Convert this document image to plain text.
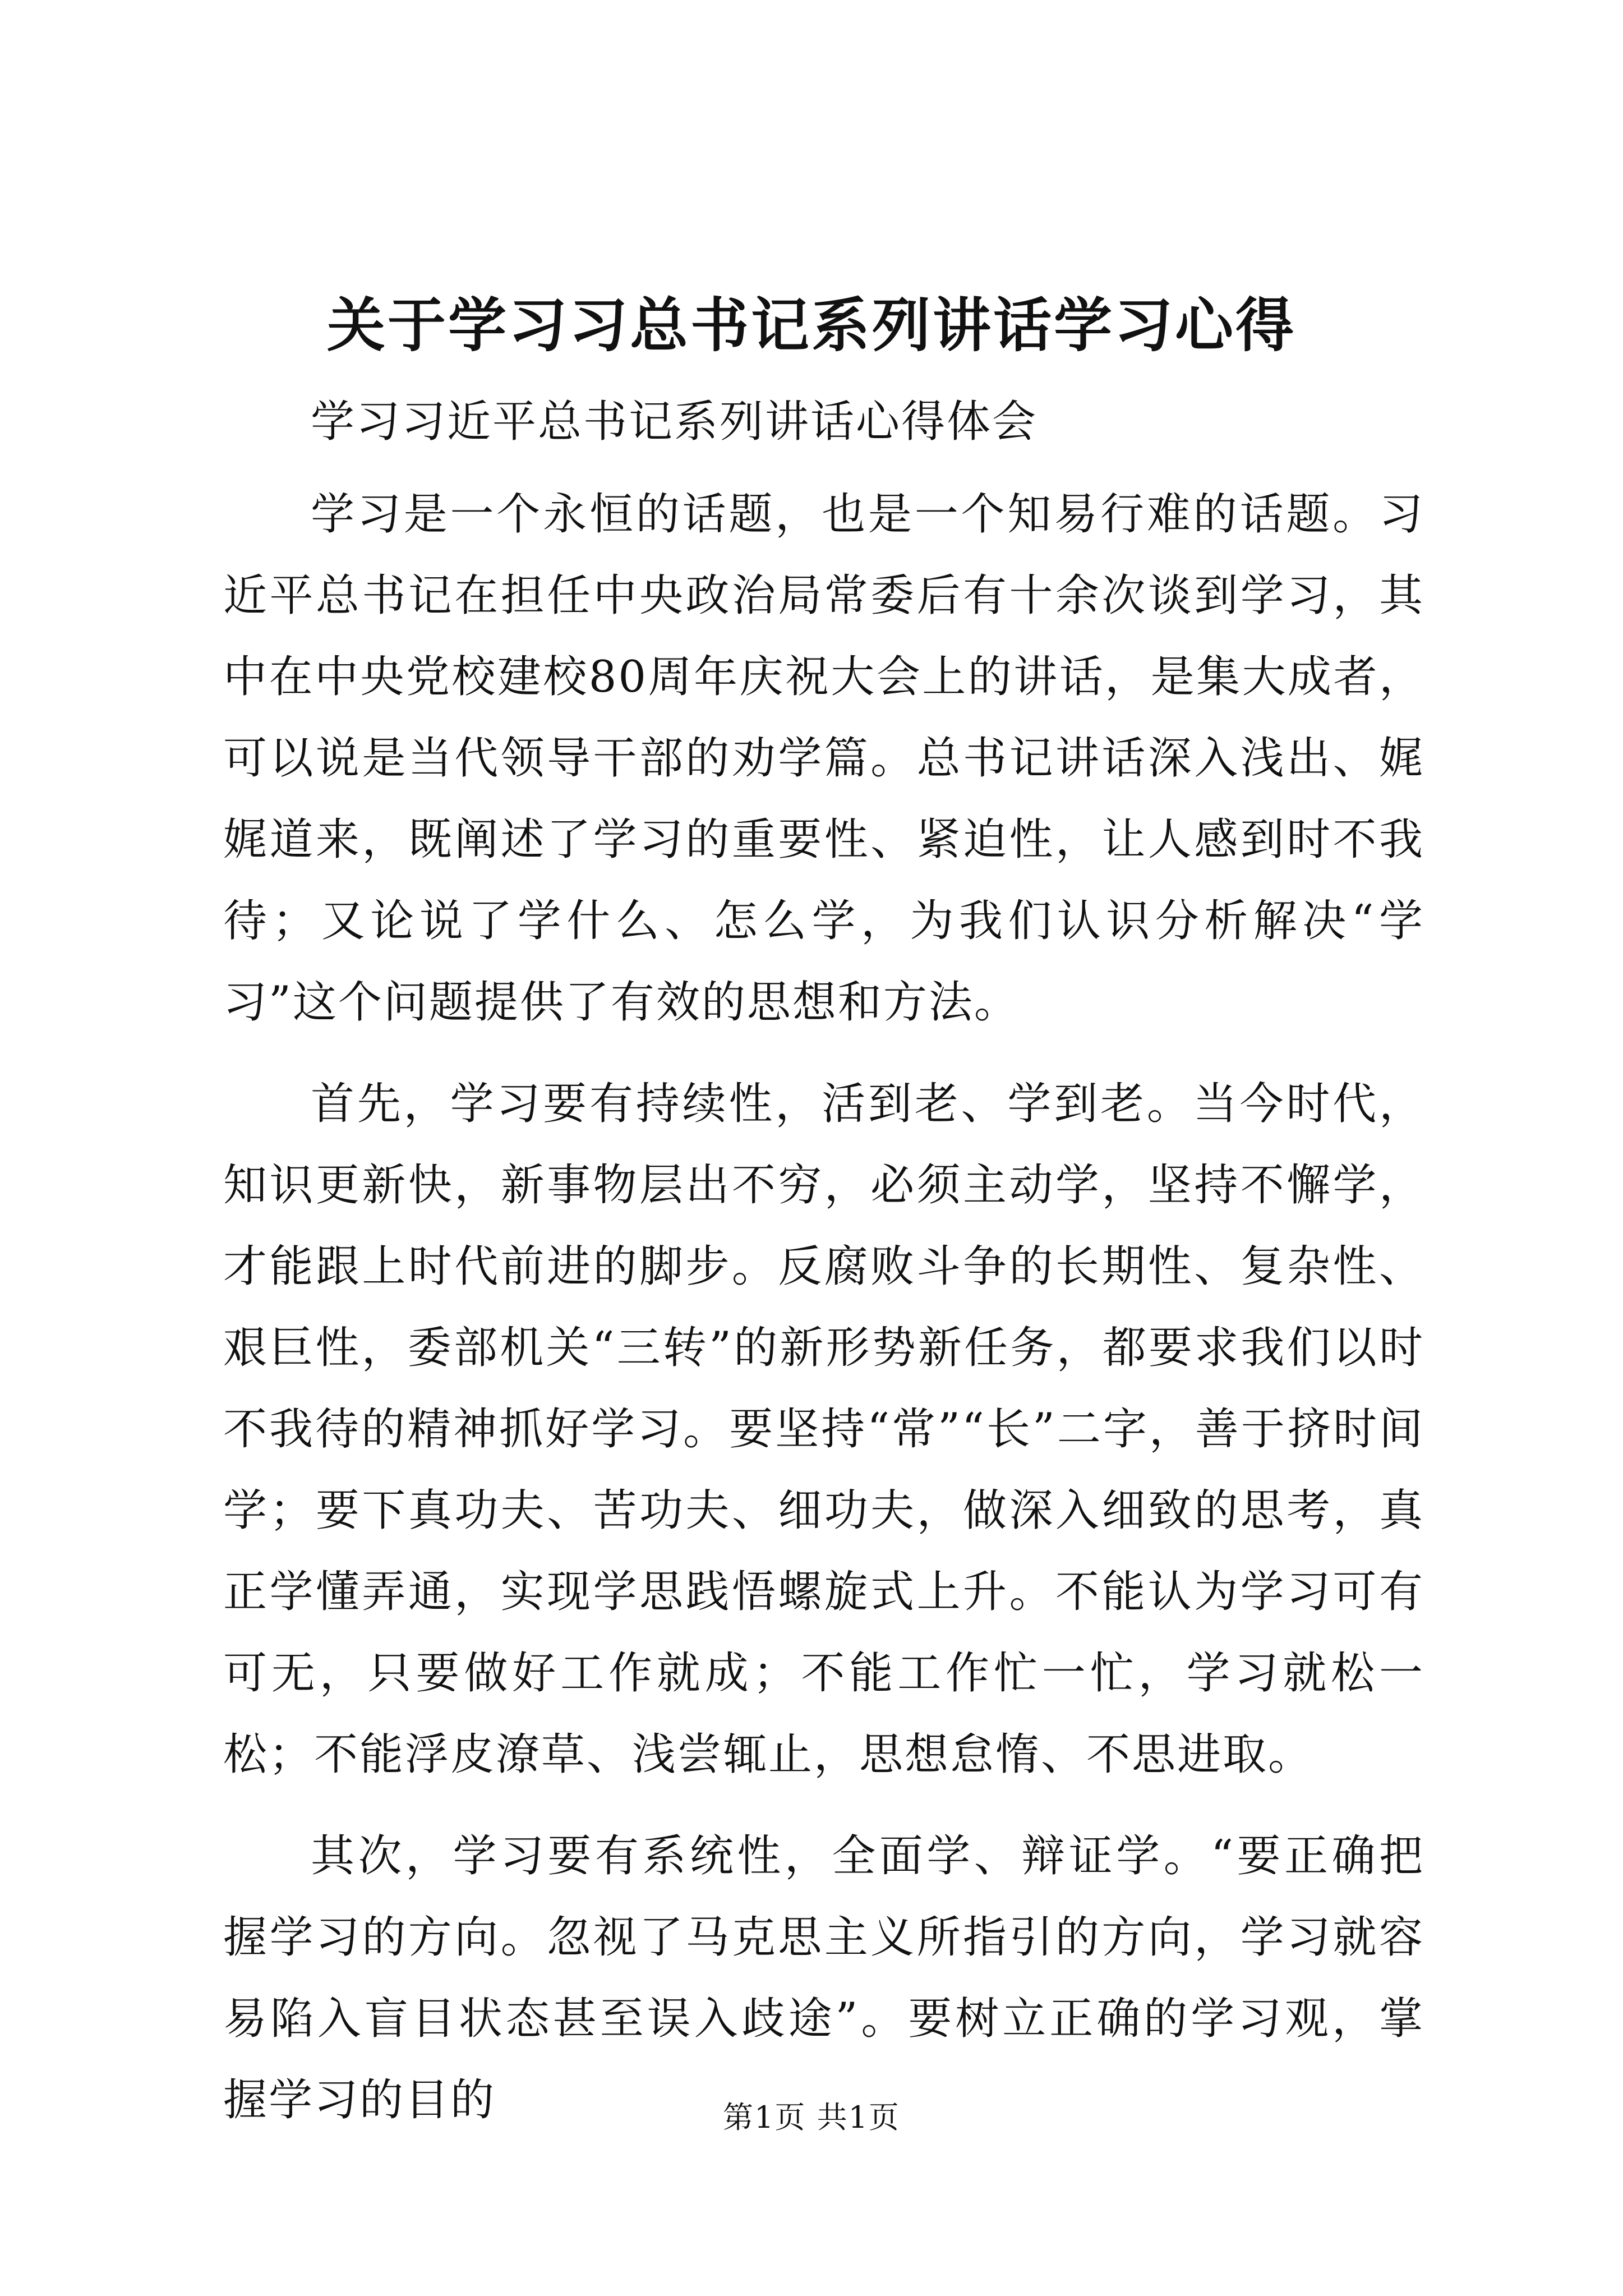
关于学习习总书记系列讲话学习心得

学习习近平总书记系列讲话心得体会

学习是一个永恒的话题，也是一个知易行难的话题。习近平总书记在担任中央政治局常委后有十余次谈到学习，其中在中央党校建校80周年庆祝大会上的讲话，是集大成者，可以说是当代领导干部的劝学篇。总书记讲话深入浅出、娓娓道来，既阐述了学习的重要性、紧迫性，让人感到时不我待；又论说了学什么、怎么学，为我们认识分析解决“学习”这个问题提供了有效的思想和方法。

首先，学习要有持续性，活到老、学到老。当今时代，知识更新快，新事物层出不穷，必须主动学，坚持不懈学，才能跟上时代前进的脚步。反腐败斗争的长期性、复杂性、艰巨性，委部机关“三转”的新形势新任务，都要求我们以时不我待的精神抓好学习。要坚持“常”“长”二字，善于挤时间学；要下真功夫、苦功夫、细功夫，做深入细致的思考，真正学懂弄通，实现学思践悟螺旋式上升。不能认为学习可有可无，只要做好工作就成；不能工作忙一忙，学习就松一松；不能浮皮潦草、浅尝辄止，思想怠惰、不思进取。

其次，学习要有系统性，全面学、辩证学。“要正确把握学习的方向。忽视了马克思主义所指引的方向，学习就容易陷入盲目状态甚至误入歧途”。要树立正确的学习观，掌握学习的目的	第1页 共1页
